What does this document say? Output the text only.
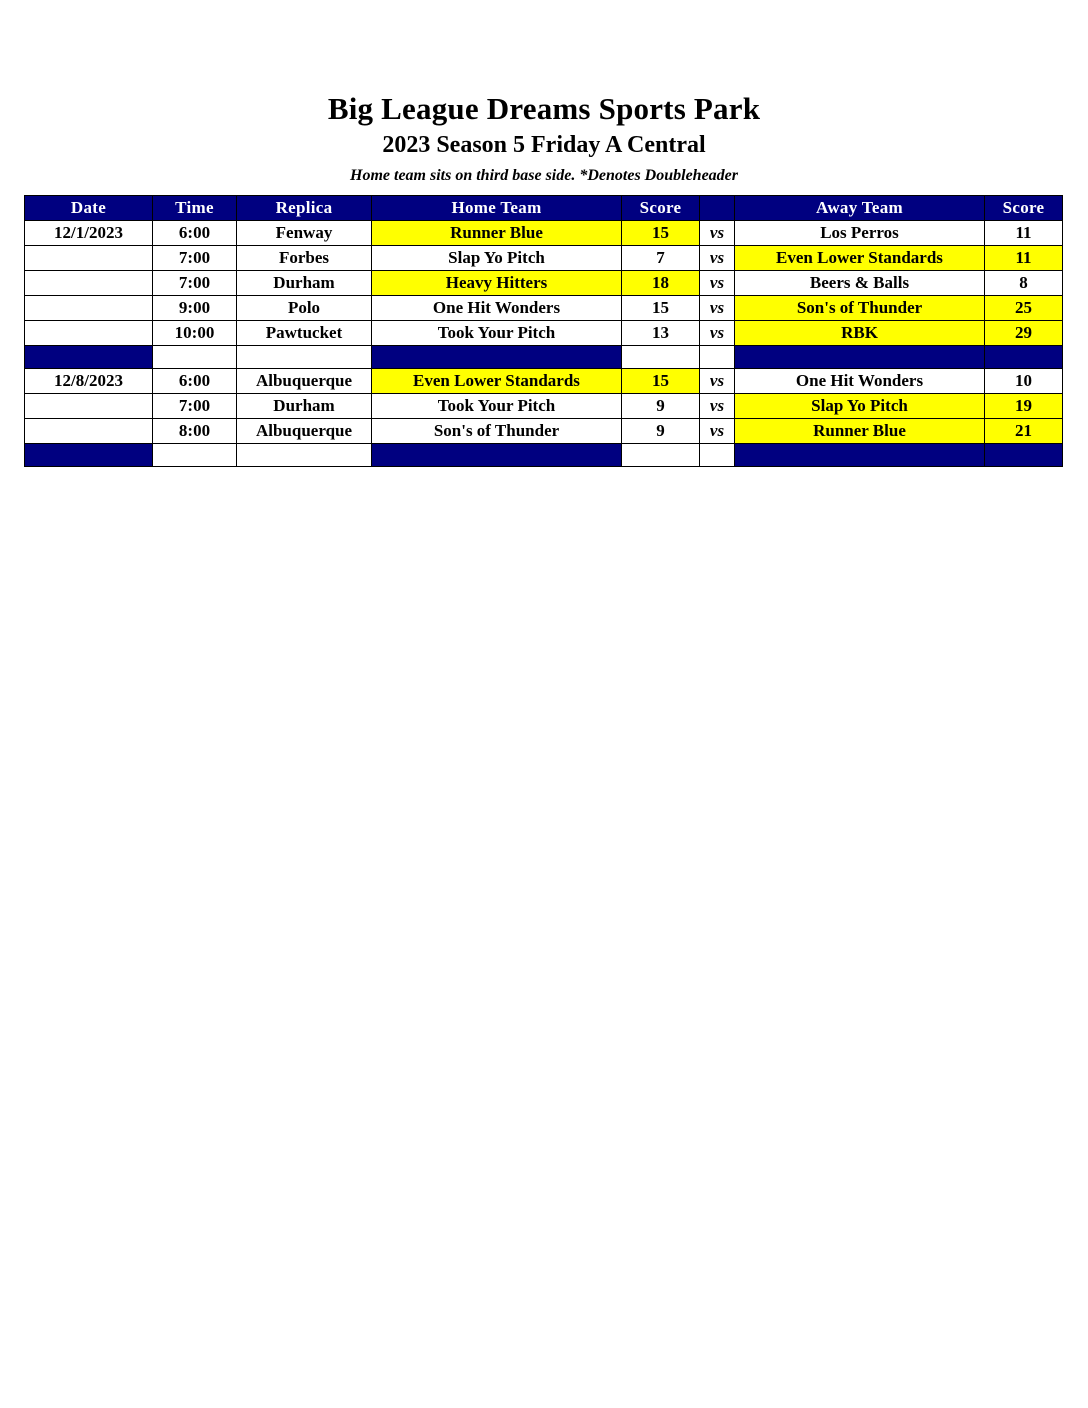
Big League Dreams Sports Park
2023 Season 5 Friday A Central
Home team sits on third base side. *Denotes Doubleheader
Date	Time	Replica	Home Team	Score		Away Team	Score
12/1/2023	6:00	Fenway	Runner Blue	15	vs	Los Perros	11
	7:00	Forbes	Slap Yo Pitch	7	vs	Even Lower Standards	11
	7:00	Durham	Heavy Hitters	18	vs	Beers & Balls	8
	9:00	Polo	One Hit Wonders	15	vs	Son's of Thunder	25
	10:00	Pawtucket	Took Your Pitch	13	vs	RBK	29

12/8/2023	6:00	Albuquerque	Even Lower Standards	15	vs	One Hit Wonders	10
	7:00	Durham	Took Your Pitch	9	vs	Slap Yo Pitch	19
	8:00	Albuquerque	Son's of Thunder	9	vs	Runner Blue	21
